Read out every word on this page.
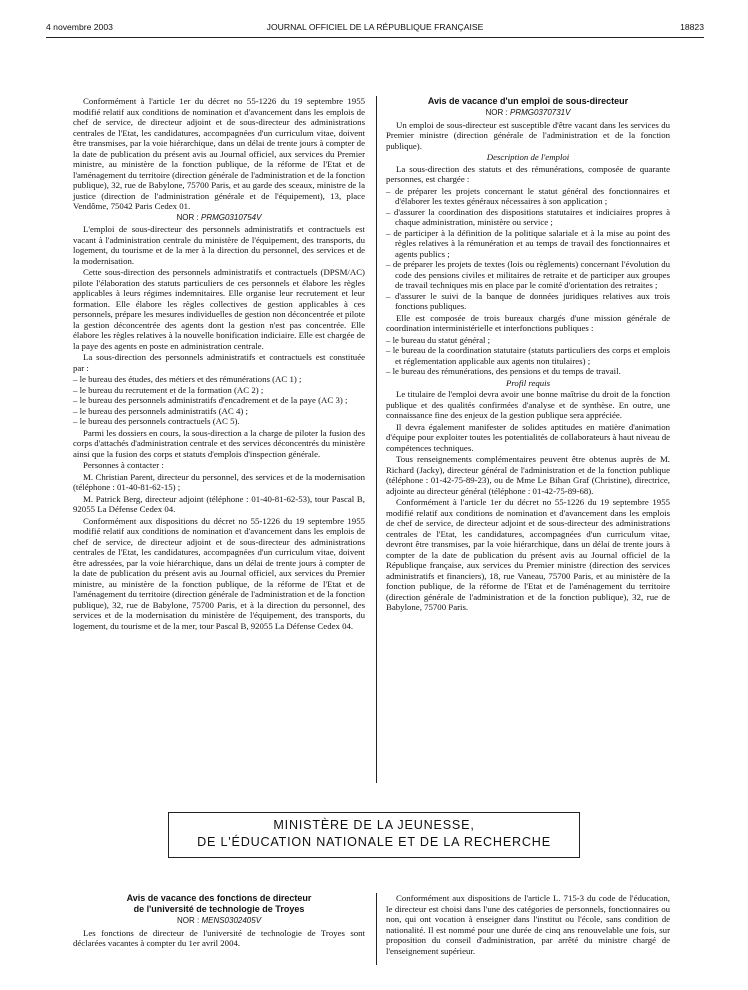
4 novembre 2003	JOURNAL OFFICIEL DE LA RÉPUBLIQUE FRANÇAISE	18823

Conformément à l'article 1er du décret no 55-1226 du 19 septembre 1955 modifié relatif aux conditions de nomination et d'avancement dans les emplois de chef de service, de directeur adjoint et de sous-directeur des administrations centrales de l'Etat, les candidatures, accompagnées d'un curriculum vitae, doivent être transmises, par la voie hiérarchique, dans un délai de trente jours à compter de la date de publication du présent avis au Journal officiel, aux services du Premier ministre, au ministère de la fonction publique, de la réforme de l'Etat et de l'aménagement du territoire (direction générale de l'administration et de la fonction publique), 32, rue de Babylone, 75700 Paris, et au garde des sceaux, ministre de la justice (direction de l'administration générale et de l'équipement), 13, place Vendôme, 75042 Paris Cedex 01.

NOR : PRMG0310754V

L'emploi de sous-directeur des personnels administratifs et contractuels est vacant à l'administration centrale du ministère de l'équipement, des transports, du logement, du tourisme et de la mer à la direction du personnel, des services et de la modernisation.

Cette sous-direction des personnels administratifs et contractuels (DPSM/AC) pilote l'élaboration des statuts particuliers de ces personnels et élabore les règles applicables à leurs régimes indemnitaires. Elle organise leur recrutement et leur formation. Elle élabore les règles collectives de gestion applicables à ces personnels, prépare les mesures individuelles de gestion non déconcentrée et pilote la gestion déconcentrée des agents dont la gestion n'est pas concentrée. Elle élabore les règles relatives à la nouvelle bonification indiciaire. Elle est chargée de la paye des agents en poste en administration centrale.

La sous-direction des personnels administratifs et contractuels est constituée par :

– le bureau des études, des métiers et des rémunérations (AC 1) ;
– le bureau du recrutement et de la formation (AC 2) ;
– le bureau des personnels administratifs d'encadrement et de la paye (AC 3) ;
– le bureau des personnels administratifs (AC 4) ;
– le bureau des personnels contractuels (AC 5).

Parmi les dossiers en cours, la sous-direction a la charge de piloter la fusion des corps d'attachés d'administration centrale et des services déconcentrés du ministère ainsi que la fusion des corps et statuts d'emplois d'inspection générale.

Personnes à contacter :

M. Christian Parent, directeur du personnel, des services et de la modernisation (téléphone : 01-40-81-62-15) ;

M. Patrick Berg, directeur adjoint (téléphone : 01-40-81-62-53), tour Pascal B, 92055 La Défense Cedex 04.

Conformément aux dispositions du décret no 55-1226 du 19 septembre 1955 modifié relatif aux conditions de nomination et d'avancement dans les emplois de chef de service, de directeur adjoint et de sous-directeur des administrations centrales de l'Etat, les candidatures, accompagnées d'un curriculum vitae, doivent être adressées, par la voie hiérarchique, dans un délai de trente jours à compter de la date de publication du présent avis au Journal officiel, aux services du Premier ministre, au ministère de la fonction publique, de la réforme de l'Etat et de l'aménagement du territoire (direction générale de l'administration et de la fonction publique), 32, rue de Babylone, 75700 Paris, et à la direction du personnel, des services et de la modernisation du ministère de l'équipement, des transports, du logement, du tourisme et de la mer, tour Pascal B, 92055 La Défense Cedex 04.

Avis de vacance d'un emploi de sous-directeur

NOR : PRMG0370731V

Un emploi de sous-directeur est susceptible d'être vacant dans les services du Premier ministre (direction générale de l'administration et de la fonction publique).

Description de l'emploi

La sous-direction des statuts et des rémunérations, composée de quarante personnes, est chargée :

– de préparer les projets concernant le statut général des fonctionnaires et d'élaborer les textes généraux nécessaires à son application ;
– d'assurer la coordination des dispositions statutaires et indiciaires propres à chaque administration, ministère ou service ;
– de participer à la définition de la politique salariale et à la mise au point des règles relatives à la rémunération et au temps de travail des fonctionnaires et agents publics ;
– de préparer les projets de textes (lois ou règlements) concernant l'évolution du code des pensions civiles et militaires de retraite et de participer aux groupes de travail techniques mis en place par le comité d'orientation des retraites ;
– d'assurer le suivi de la banque de données juridiques relatives aux trois fonctions publiques.

Elle est composée de trois bureaux chargés d'une mission générale de coordination interministérielle et interfonctions publiques :

– le bureau du statut général ;
– le bureau de la coordination statutaire (statuts particuliers des corps et emplois et réglementation applicable aux agents non titulaires) ;
– le bureau des rémunérations, des pensions et du temps de travail.

Profil requis

Le titulaire de l'emploi devra avoir une bonne maîtrise du droit de la fonction publique et des qualités confirmées d'analyse et de synthèse. En outre, une connaissance fine des enjeux de la gestion publique sera appréciée.

Il devra également manifester de solides aptitudes en matière d'animation d'équipe pour exploiter toutes les potentialités de collaborateurs à haut niveau de compétences techniques.

Tous renseignements complémentaires peuvent être obtenus auprès de M. Richard (Jacky), directeur général de l'administration et de la fonction publique (téléphone : 01-42-75-89-23), ou de Mme Le Bihan Graf (Christine), directrice, adjointe au directeur général (téléphone : 01-42-75-89-68).

Conformément à l'article 1er du décret no 55-1226 du 19 septembre 1955 modifié relatif aux conditions de nomination et d'avancement dans les emplois de chef de service, de directeur adjoint et de sous-directeur des administrations centrales de l'Etat, les candidatures, accompagnées d'un curriculum vitae, devront être transmises, par la voie hiérarchique, dans un délai de trente jours à compter de la date de publication du présent avis au Journal officiel de la République française, aux services du Premier ministre (direction des services administratifs et financiers), 18, rue Vaneau, 75700 Paris, et au ministère de la fonction publique, de la réforme de l'Etat et de l'aménagement du territoire (direction générale de l'administration et de la fonction publique), 32, rue de Babylone, 75700 Paris.

MINISTÈRE DE LA JEUNESSE,
DE L'ÉDUCATION NATIONALE ET DE LA RECHERCHE

Avis de vacance des fonctions de directeur
de l'université de technologie de Troyes

NOR : MENS0302405V

Les fonctions de directeur de l'université de technologie de Troyes sont déclarées vacantes à compter du 1er avril 2004.

Conformément aux dispositions de l'article L. 715-3 du code de l'éducation, le directeur est choisi dans l'une des catégories de personnels, fonctionnaires ou non, qui ont vocation à enseigner dans l'institut ou l'école, sans condition de nationalité. Il est nommé pour une durée de cinq ans renouvelable une fois, sur proposition du conseil d'administration, par arrêté du ministre chargé de l'enseignement supérieur.
